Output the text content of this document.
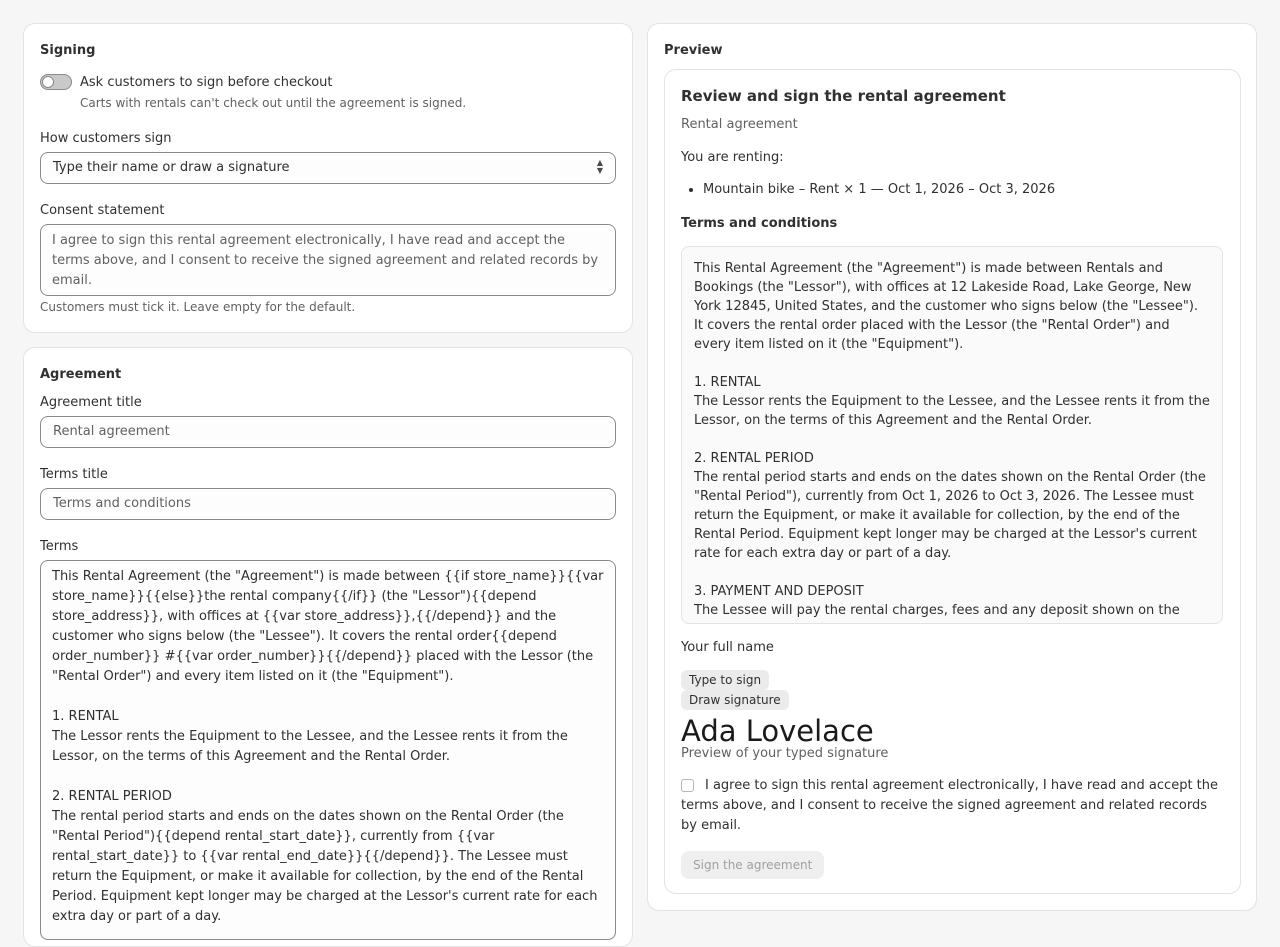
Signing
Ask customers to sign before checkout
Carts with rentals can't check out until the agreement is signed.
How customers sign
Type their name or draw a signature	▲
▼
Consent statement
I agree to sign this rental agreement electronically, I have read and accept the terms above, and I consent to receive the signed agreement and related records by email.
Customers must tick it. Leave empty for the default.
Agreement
Agreement title
Rental agreement
Terms title
Terms and conditions
Terms
This Rental Agreement (the "Agreement") is made between {{if store_name}}{{var store_name}}{{else}}the rental company{{/if}} (the "Lessor"){{depend store_address}}, with offices at {{var store_address}},{{/depend}} and the customer who signs below (the "Lessee"). It covers the rental order{{depend order_number}} #{{var order_number}}{{/depend}} placed with the Lessor (the "Rental Order") and every item listed on it (the "Equipment").

1. RENTAL
The Lessor rents the Equipment to the Lessee, and the Lessee rents it from the Lessor, on the terms of this Agreement and the Rental Order.

2. RENTAL PERIOD
The rental period starts and ends on the dates shown on the Rental Order (the "Rental Period"){{depend rental_start_date}}, currently from {{var rental_start_date}} to {{var rental_end_date}}{{/depend}}. The Lessee must return the Equipment, or make it available for collection, by the end of the Rental Period. Equipment kept longer may be charged at the Lessor's current rate for each extra day or part of a day.
Preview
Review and sign the rental agreement
Rental agreement
You are renting:
• Mountain bike – Rent × 1 — Oct 1, 2026 – Oct 3, 2026
Terms and conditions
This Rental Agreement (the "Agreement") is made between Rentals and Bookings (the "Lessor"), with offices at 12 Lakeside Road, Lake George, New York 12845, United States, and the customer who signs below (the "Lessee"). It covers the rental order placed with the Lessor (the "Rental Order") and every item listed on it (the "Equipment").

1. RENTAL
The Lessor rents the Equipment to the Lessee, and the Lessee rents it from the Lessor, on the terms of this Agreement and the Rental Order.

2. RENTAL PERIOD
The rental period starts and ends on the dates shown on the Rental Order (the "Rental Period"), currently from Oct 1, 2026 to Oct 3, 2026. The Lessee must return the Equipment, or make it available for collection, by the end of the Rental Period. Equipment kept longer may be charged at the Lessor's current rate for each extra day or part of a day.

3. PAYMENT AND DEPOSIT
The Lessee will pay the rental charges, fees and any deposit shown on the
Your full name
Type to sign
Draw signature
Ada Lovelace
Preview of your typed signature
I agree to sign this rental agreement electronically, I have read and accept the terms above, and I consent to receive the signed agreement and related records by email.
Sign the agreement
